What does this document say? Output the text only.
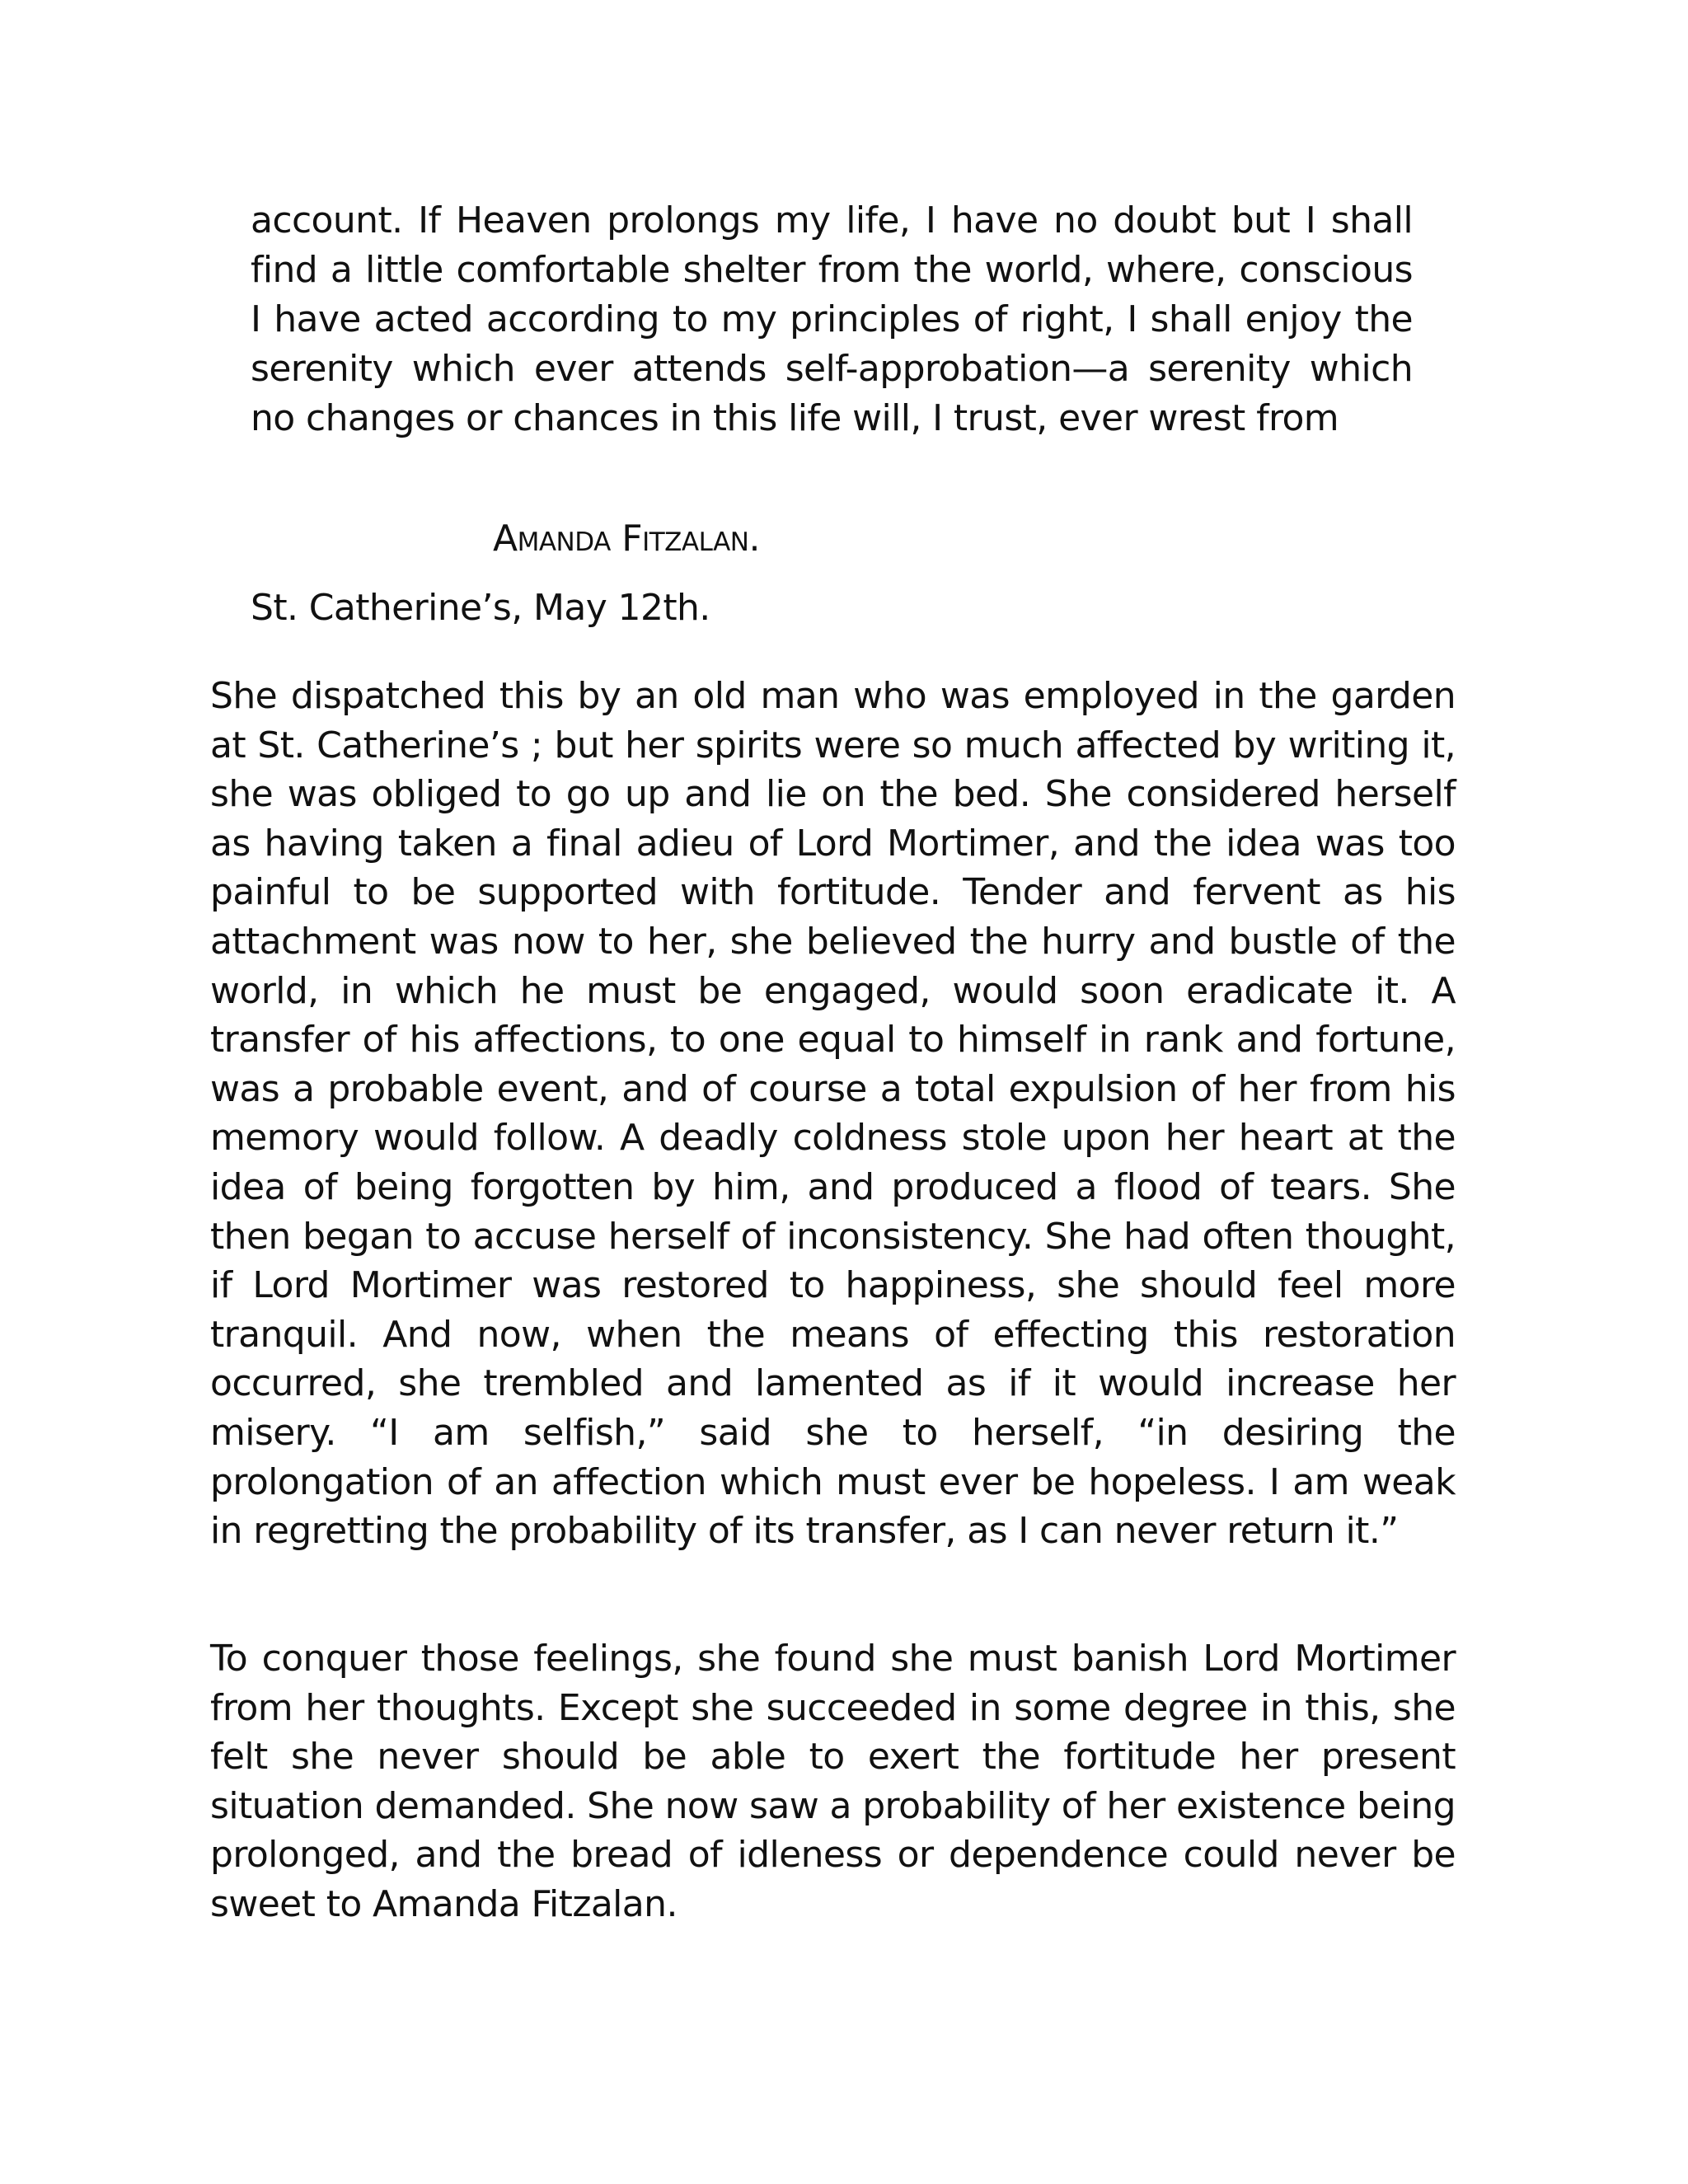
account. If Heaven prolongs my life, I have no doubt but I shall find a little comfortable shelter from the world, where, conscious I have acted according to my principles of right, I shall enjoy the serenity which ever attends self-approbation—a serenity which no changes or chances in this life will, I trust, ever wrest from

Amanda Fitzalan.

St. Catherine’s, May 12th.

She dispatched this by an old man who was employed in the garden at St. Catherine’s ; but her spirits were so much affected by writing it, she was obliged to go up and lie on the bed. She considered herself as having taken a final adieu of Lord Mortimer, and the idea was too painful to be supported with fortitude. Tender and fervent as his attachment was now to her, she believed the hurry and bustle of the world, in which he must be engaged, would soon eradicate it. A transfer of his affections, to one equal to himself in rank and fortune, was a probable event, and of course a total expulsion of her from his memory would follow. A deadly coldness stole upon her heart at the idea of being forgotten by him, and produced a flood of tears. She then began to accuse herself of inconsistency. She had often thought, if Lord Mortimer was restored to happiness, she should feel more tranquil. And now, when the means of effecting this restoration occurred, she trembled and lamented as if it would increase her misery. “I am selfish,” said she to herself, “in desiring the prolongation of an affection which must ever be hopeless. I am weak in regretting the probability of its transfer, as I can never return it.”

To conquer those feelings, she found she must banish Lord Mortimer from her thoughts. Except she succeeded in some degree in this, she felt she never should be able to exert the fortitude her present situation demanded. She now saw a probability of her existence being prolonged, and the bread of idleness or dependence could never be sweet to Amanda Fitzalan.
